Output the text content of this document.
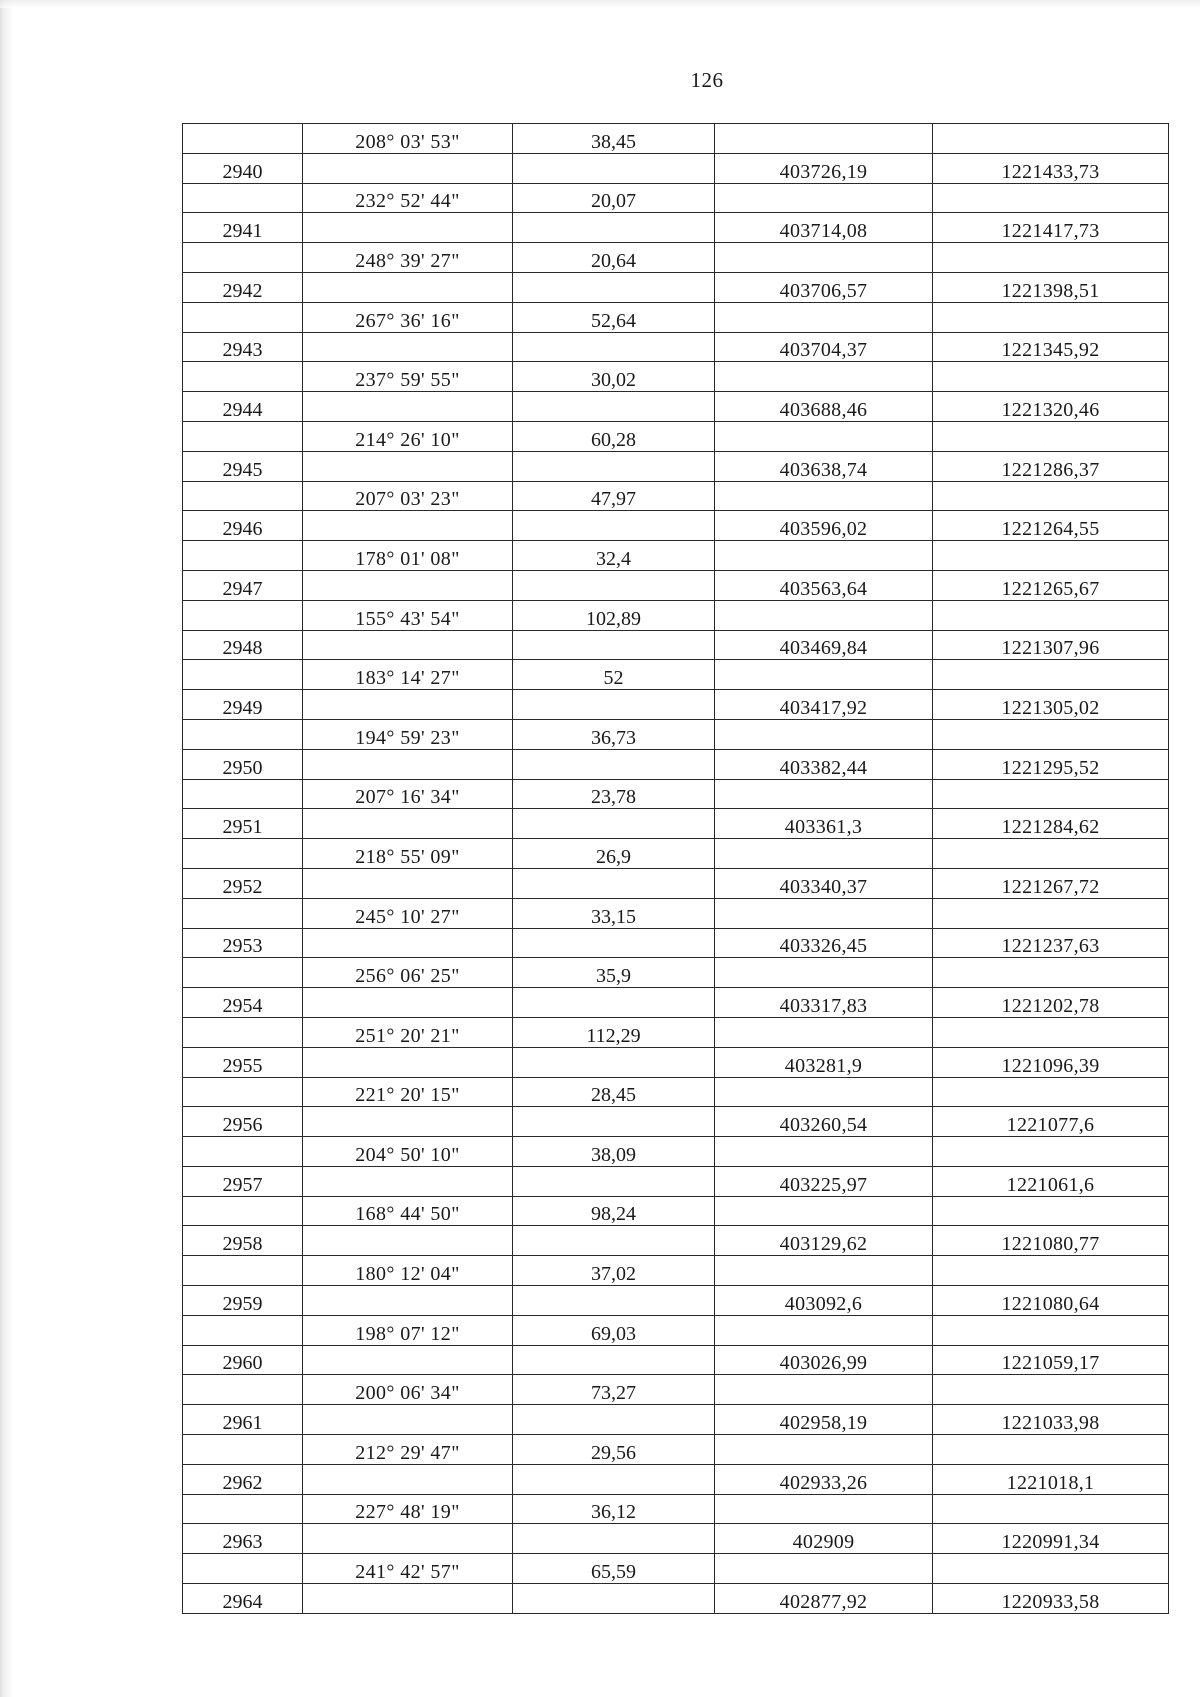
126
	208° 03' 53"	38,45		
2940			403726,19	1221433,73
	232° 52' 44"	20,07		
2941			403714,08	1221417,73
	248° 39' 27"	20,64		
2942			403706,57	1221398,51
	267° 36' 16"	52,64		
2943			403704,37	1221345,92
	237° 59' 55"	30,02		
2944			403688,46	1221320,46
	214° 26' 10"	60,28		
2945			403638,74	1221286,37
	207° 03' 23"	47,97		
2946			403596,02	1221264,55
	178° 01' 08"	32,4		
2947			403563,64	1221265,67
	155° 43' 54"	102,89		
2948			403469,84	1221307,96
	183° 14' 27"	52		
2949			403417,92	1221305,02
	194° 59' 23"	36,73		
2950			403382,44	1221295,52
	207° 16' 34"	23,78		
2951			403361,3	1221284,62
	218° 55' 09"	26,9		
2952			403340,37	1221267,72
	245° 10' 27"	33,15		
2953			403326,45	1221237,63
	256° 06' 25"	35,9		
2954			403317,83	1221202,78
	251° 20' 21"	112,29		
2955			403281,9	1221096,39
	221° 20' 15"	28,45		
2956			403260,54	1221077,6
	204° 50' 10"	38,09		
2957			403225,97	1221061,6
	168° 44' 50"	98,24		
2958			403129,62	1221080,77
	180° 12' 04"	37,02		
2959			403092,6	1221080,64
	198° 07' 12"	69,03		
2960			403026,99	1221059,17
	200° 06' 34"	73,27		
2961			402958,19	1221033,98
	212° 29' 47"	29,56		
2962			402933,26	1221018,1
	227° 48' 19"	36,12		
2963			402909	1220991,34
	241° 42' 57"	65,59		
2964			402877,92	1220933,58
